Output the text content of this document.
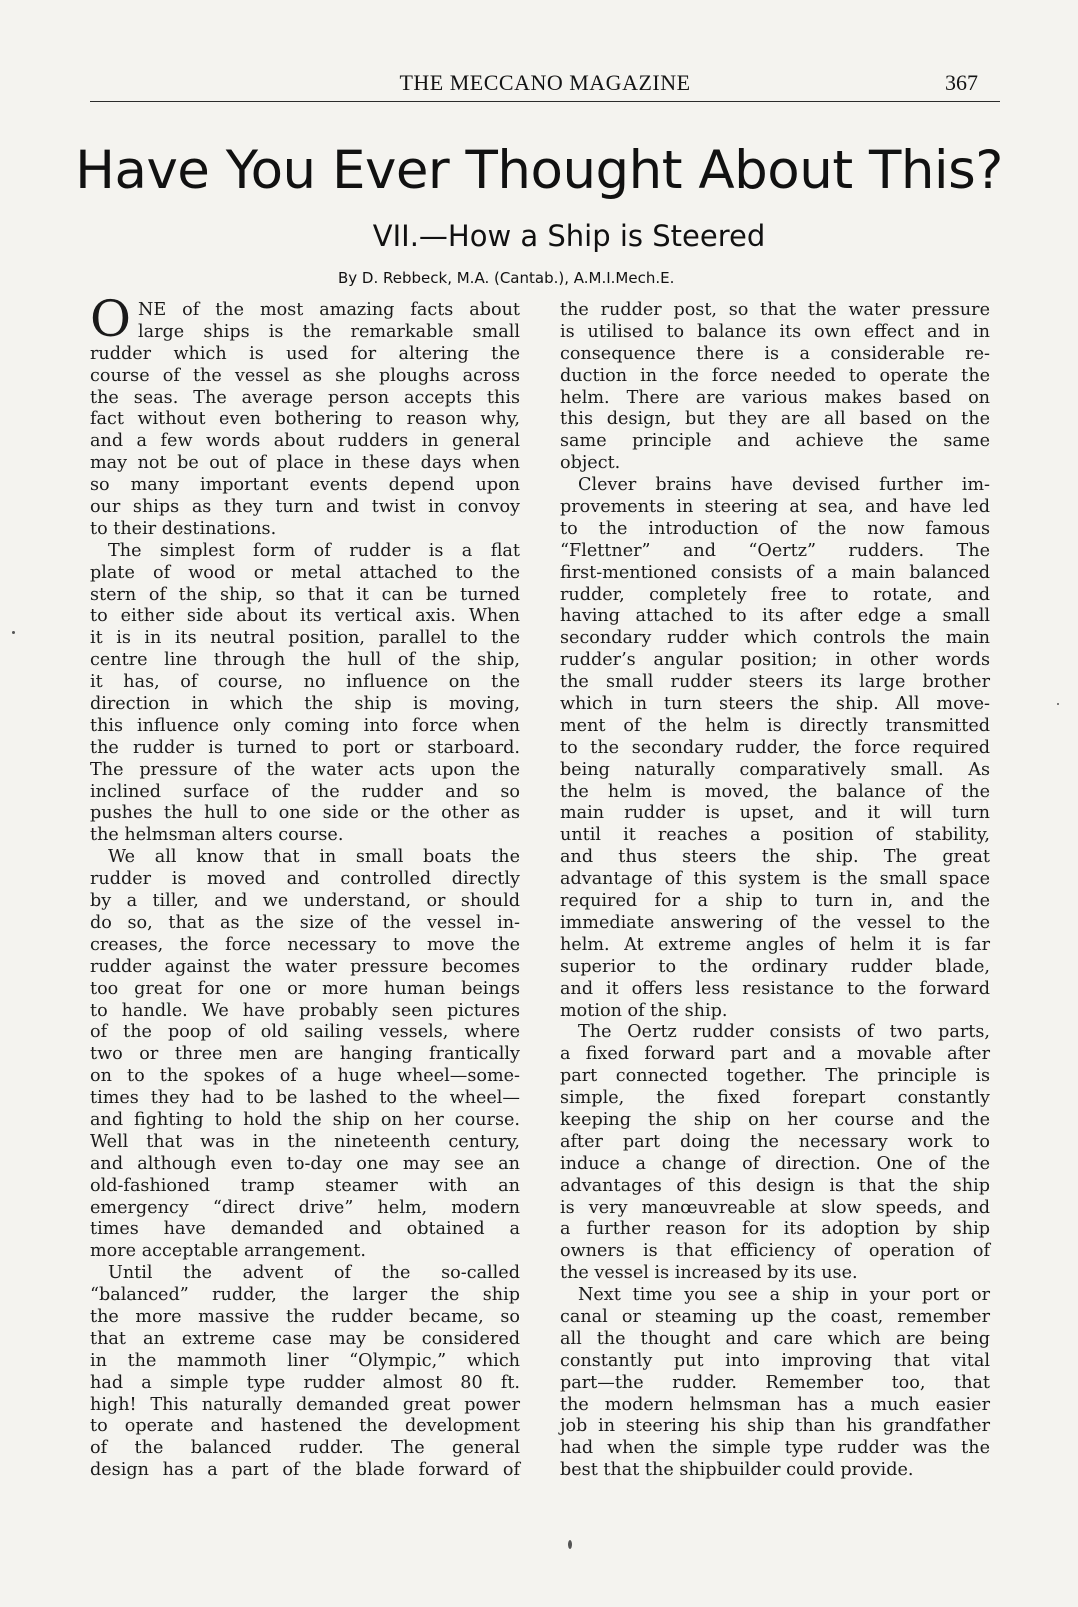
THE MECCANO MAGAZINE	367
Have You Ever Thought About This?
VII.—How a Ship is Steered
By D. Rebbeck, M.A. (Cantab.), A.M.I.Mech.E.
O NE of the most amazing facts about
large ships is the remarkable small
rudder which is used for altering the
course of the vessel as she ploughs across
the seas. The average person accepts this
fact without even bothering to reason why,
and a few words about rudders in general
may not be out of place in these days when
so many important events depend upon
our ships as they turn and twist in convoy
to their destinations.
The simplest form of rudder is a flat
plate of wood or metal attached to the
stern of the ship, so that it can be turned
to either side about its vertical axis. When
it is in its neutral position, parallel to the
centre line through the hull of the ship,
it has, of course, no influence on the
direction in which the ship is moving,
this influence only coming into force when
the rudder is turned to port or starboard.
The pressure of the water acts upon the
inclined surface of the rudder and so
pushes the hull to one side or the other as
the helmsman alters course.
We all know that in small boats the
rudder is moved and controlled directly
by a tiller, and we understand, or should
do so, that as the size of the vessel in-
creases, the force necessary to move the
rudder against the water pressure becomes
too great for one or more human beings
to handle. We have probably seen pictures
of the poop of old sailing vessels, where
two or three men are hanging frantically
on to the spokes of a huge wheel—some-
times they had to be lashed to the wheel—
and fighting to hold the ship on her course.
Well that was in the nineteenth century,
and although even to-day one may see an
old-fashioned tramp steamer with an
emergency “direct drive” helm, modern
times have demanded and obtained a
more acceptable arrangement.
Until the advent of the so-called
“balanced” rudder, the larger the ship
the more massive the rudder became, so
that an extreme case may be considered
in the mammoth liner “Olympic,” which
had a simple type rudder almost 80 ft.
high! This naturally demanded great power
to operate and hastened the development
of the balanced rudder. The general
design has a part of the blade forward of
the rudder post, so that the water pressure
is utilised to balance its own effect and in
consequence there is a considerable re-
duction in the force needed to operate the
helm. There are various makes based on
this design, but they are all based on the
same principle and achieve the same
object.
Clever brains have devised further im-
provements in steering at sea, and have led
to the introduction of the now famous
“Flettner” and “Oertz” rudders. The
first-mentioned consists of a main balanced
rudder, completely free to rotate, and
having attached to its after edge a small
secondary rudder which controls the main
rudder’s angular position; in other words
the small rudder steers its large brother
which in turn steers the ship. All move-
ment of the helm is directly transmitted
to the secondary rudder, the force required
being naturally comparatively small. As
the helm is moved, the balance of the
main rudder is upset, and it will turn
until it reaches a position of stability,
and thus steers the ship. The great
advantage of this system is the small space
required for a ship to turn in, and the
immediate answering of the vessel to the
helm. At extreme angles of helm it is far
superior to the ordinary rudder blade,
and it offers less resistance to the forward
motion of the ship.
The Oertz rudder consists of two parts,
a fixed forward part and a movable after
part connected together. The principle is
simple, the fixed forepart constantly
keeping the ship on her course and the
after part doing the necessary work to
induce a change of direction. One of the
advantages of this design is that the ship
is very manœuvreable at slow speeds, and
a further reason for its adoption by ship
owners is that efficiency of operation of
the vessel is increased by its use.
Next time you see a ship in your port or
canal or steaming up the coast, remember
all the thought and care which are being
constantly put into improving that vital
part—the rudder. Remember too, that
the modern helmsman has a much easier
job in steering his ship than his grandfather
had when the simple type rudder was the
best that the shipbuilder could provide.
